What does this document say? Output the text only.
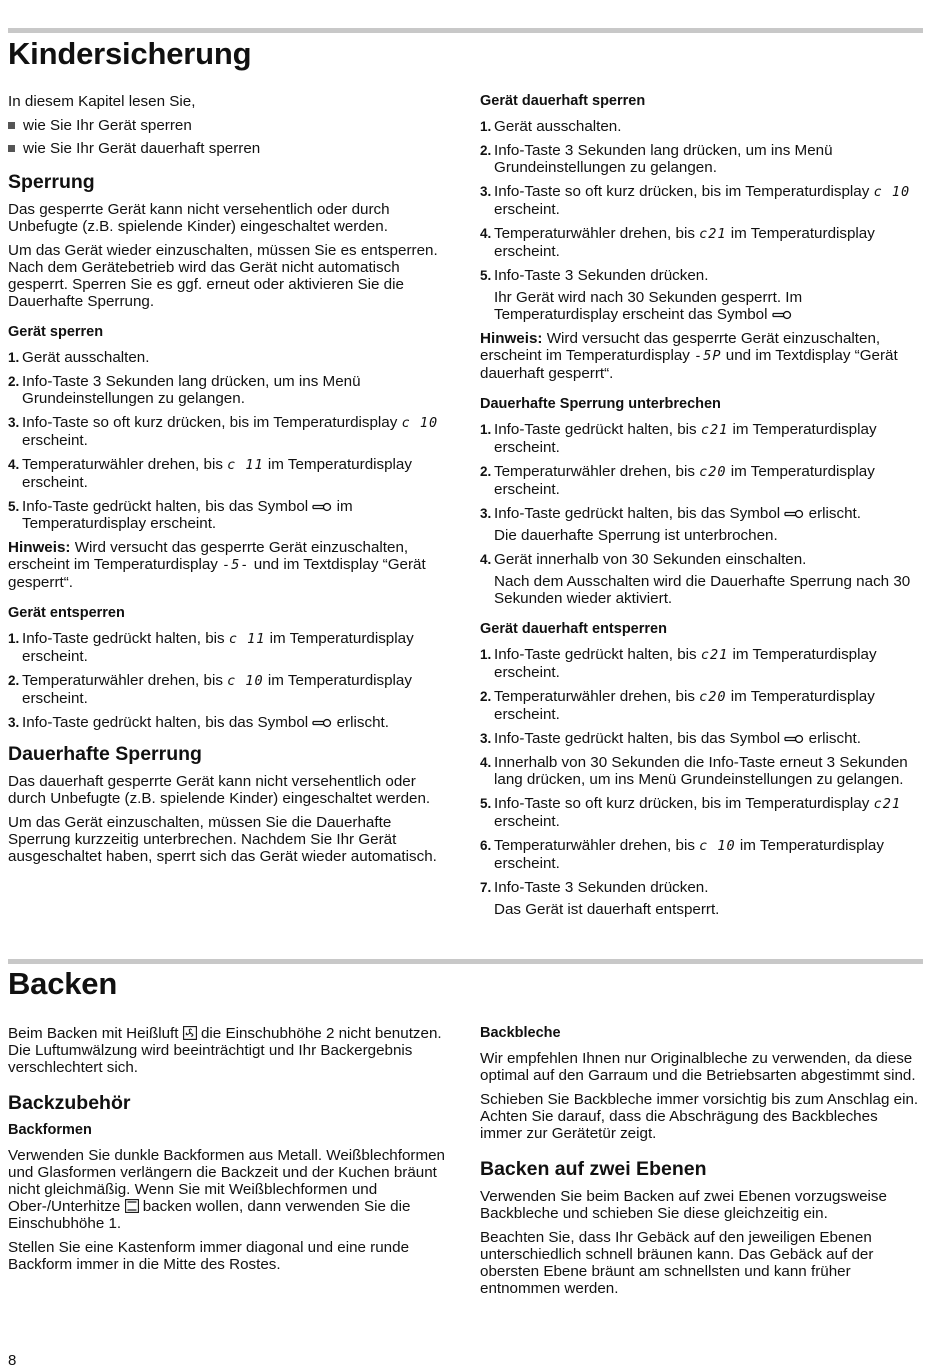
Kindersicherung

In diesem Kapitel lesen Sie,

wie Sie Ihr Gerät sperren
wie Sie Ihr Gerät dauerhaft sperren
Sperrung

Das gesperrte Gerät kann nicht versehentlich oder durch Unbefugte (z.B. spielende Kinder) eingeschaltet werden.

Um das Gerät wieder einzuschalten, müssen Sie es entsperren. Nach dem Gerätebetrieb wird das Gerät nicht automatisch gesperrt. Sperren Sie es ggf. erneut oder aktivieren Sie die Dauerhafte Sperrung.

Gerät sperren
1. Gerät ausschalten.
2. Info-Taste 3 Sekunden lang drücken, um ins Menü Grundeinstellungen zu gelangen.
3. Info-Taste so oft kurz drücken, bis im Temperaturdisplay c 10 erscheint.
4. Temperaturwähler drehen, bis c 11 im Temperaturdisplay erscheint.
5. Info-Taste gedrückt halten, bis das Symbol im Temperaturdisplay erscheint.

Hinweis: Wird versucht das gesperrte Gerät einzuschalten, erscheint im Temperaturdisplay -5- und im Textdisplay “Gerät gesperrt“.

Gerät entsperren
1. Info-Taste gedrückt halten, bis c 11 im Temperaturdisplay erscheint.
2. Temperaturwähler drehen, bis c 10 im Temperaturdisplay erscheint.
3. Info-Taste gedrückt halten, bis das Symbol erlischt.
Dauerhafte Sperrung

Das dauerhaft gesperrte Gerät kann nicht versehentlich oder durch Unbefugte (z.B. spielende Kinder) eingeschaltet werden.

Um das Gerät einzuschalten, müssen Sie die Dauerhafte Sperrung kurzzeitig unterbrechen. Nachdem Sie Ihr Gerät ausgeschaltet haben, sperrt sich das Gerät wieder automatisch.

Gerät dauerhaft sperren
1. Gerät ausschalten.
2. Info-Taste 3 Sekunden lang drücken, um ins Menü Grundeinstellungen zu gelangen.
3. Info-Taste so oft kurz drücken, bis im Temperaturdisplay c 10 erscheint.
4. Temperaturwähler drehen, bis c21 im Temperaturdisplay erscheint.
5. Info-Taste 3 Sekunden drücken.

Ihr Gerät wird nach 30 Sekunden gesperrt. Im Temperaturdisplay erscheint das Symbol

Hinweis: Wird versucht das gesperrte Gerät einzuschalten, erscheint im Temperaturdisplay -5P und im Textdisplay “Gerät dauerhaft gesperrt“.

Dauerhafte Sperrung unterbrechen
1. Info-Taste gedrückt halten, bis c21 im Temperaturdisplay erscheint.
2. Temperaturwähler drehen, bis c20 im Temperaturdisplay erscheint.
3. Info-Taste gedrückt halten, bis das Symbol erlischt.

Die dauerhafte Sperrung ist unterbrochen.

4. Gerät innerhalb von 30 Sekunden einschalten.

Nach dem Ausschalten wird die Dauerhafte Sperrung nach 30 Sekunden wieder aktiviert.

Gerät dauerhaft entsperren
1. Info-Taste gedrückt halten, bis c21 im Temperaturdisplay erscheint.
2. Temperaturwähler drehen, bis c20 im Temperaturdisplay erscheint.
3. Info-Taste gedrückt halten, bis das Symbol erlischt.
4. Innerhalb von 30 Sekunden die Info-Taste erneut 3 Sekunden lang drücken, um ins Menü Grundeinstellungen zu gelangen.
5. Info-Taste so oft kurz drücken, bis im Temperaturdisplay c21 erscheint.
6. Temperaturwähler drehen, bis c 10 im Temperaturdisplay erscheint.
7. Info-Taste 3 Sekunden drücken.

Das Gerät ist dauerhaft entsperrt.

Backen

Beim Backen mit Heißluft die Einschubhöhe 2 nicht benutzen. Die Luftumwälzung wird beeinträchtigt und Ihr Backergebnis verschlechtert sich.

Backzubehör
Backformen

Verwenden Sie dunkle Backformen aus Metall. Weißblechformen und Glasformen verlängern die Backzeit und der Kuchen bräunt nicht gleichmäßig. Wenn Sie mit Weißblechformen und Ober-/Unterhitze backen wollen, dann verwenden Sie die Einschubhöhe 1.

Stellen Sie eine Kastenform immer diagonal und eine runde Backform immer in die Mitte des Rostes.

Backbleche

Wir empfehlen Ihnen nur Originalbleche zu verwenden, da diese optimal auf den Garraum und die Betriebsarten abgestimmt sind.

Schieben Sie Backbleche immer vorsichtig bis zum Anschlag ein. Achten Sie darauf, dass die Abschrägung des Backbleches immer zur Gerätetür zeigt.

Backen auf zwei Ebenen

Verwenden Sie beim Backen auf zwei Ebenen vorzugsweise Backbleche und schieben Sie diese gleichzeitig ein.

Beachten Sie, dass Ihr Gebäck auf den jeweiligen Ebenen unterschiedlich schnell bräunen kann. Das Gebäck auf der obersten Ebene bräunt am schnellsten und kann früher entnommen werden.

8
